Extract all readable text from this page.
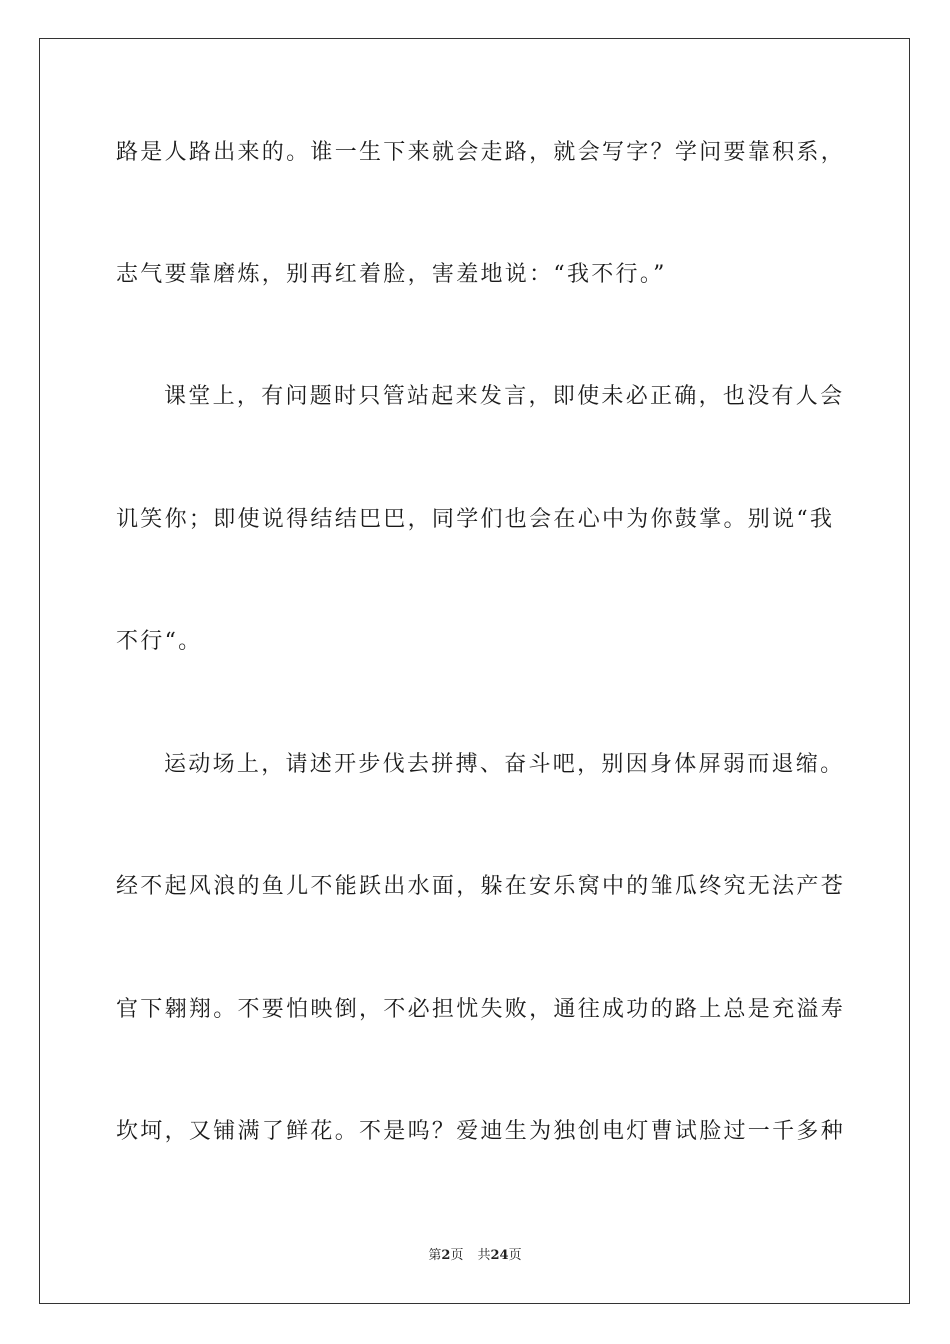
路是人路出来的。谁一生下来就会走路，就会写字？学问要靠积系，
志气要靠磨炼，别再红着脸，害羞地说：“我不行。”
课堂上，有问题时只管站起来发言，即使未必正确，也没有人会
讥笑你；即使说得结结巴巴，同学们也会在心中为你鼓掌。别说“我
不行“。
运动场上，请述开步伐去拼搏、奋斗吧，别因身体屏弱而退缩。
经不起风浪的鱼儿不能跃出水面，躲在安乐窝中的雏瓜终究无法产苍
官下翱翔。不要怕映倒，不必担忧失败，通往成功的路上总是充溢寿
坎坷，又铺满了鲜花。不是呜？爱迪生为独创电灯曹试脸过一千多种
第2页 共24页
